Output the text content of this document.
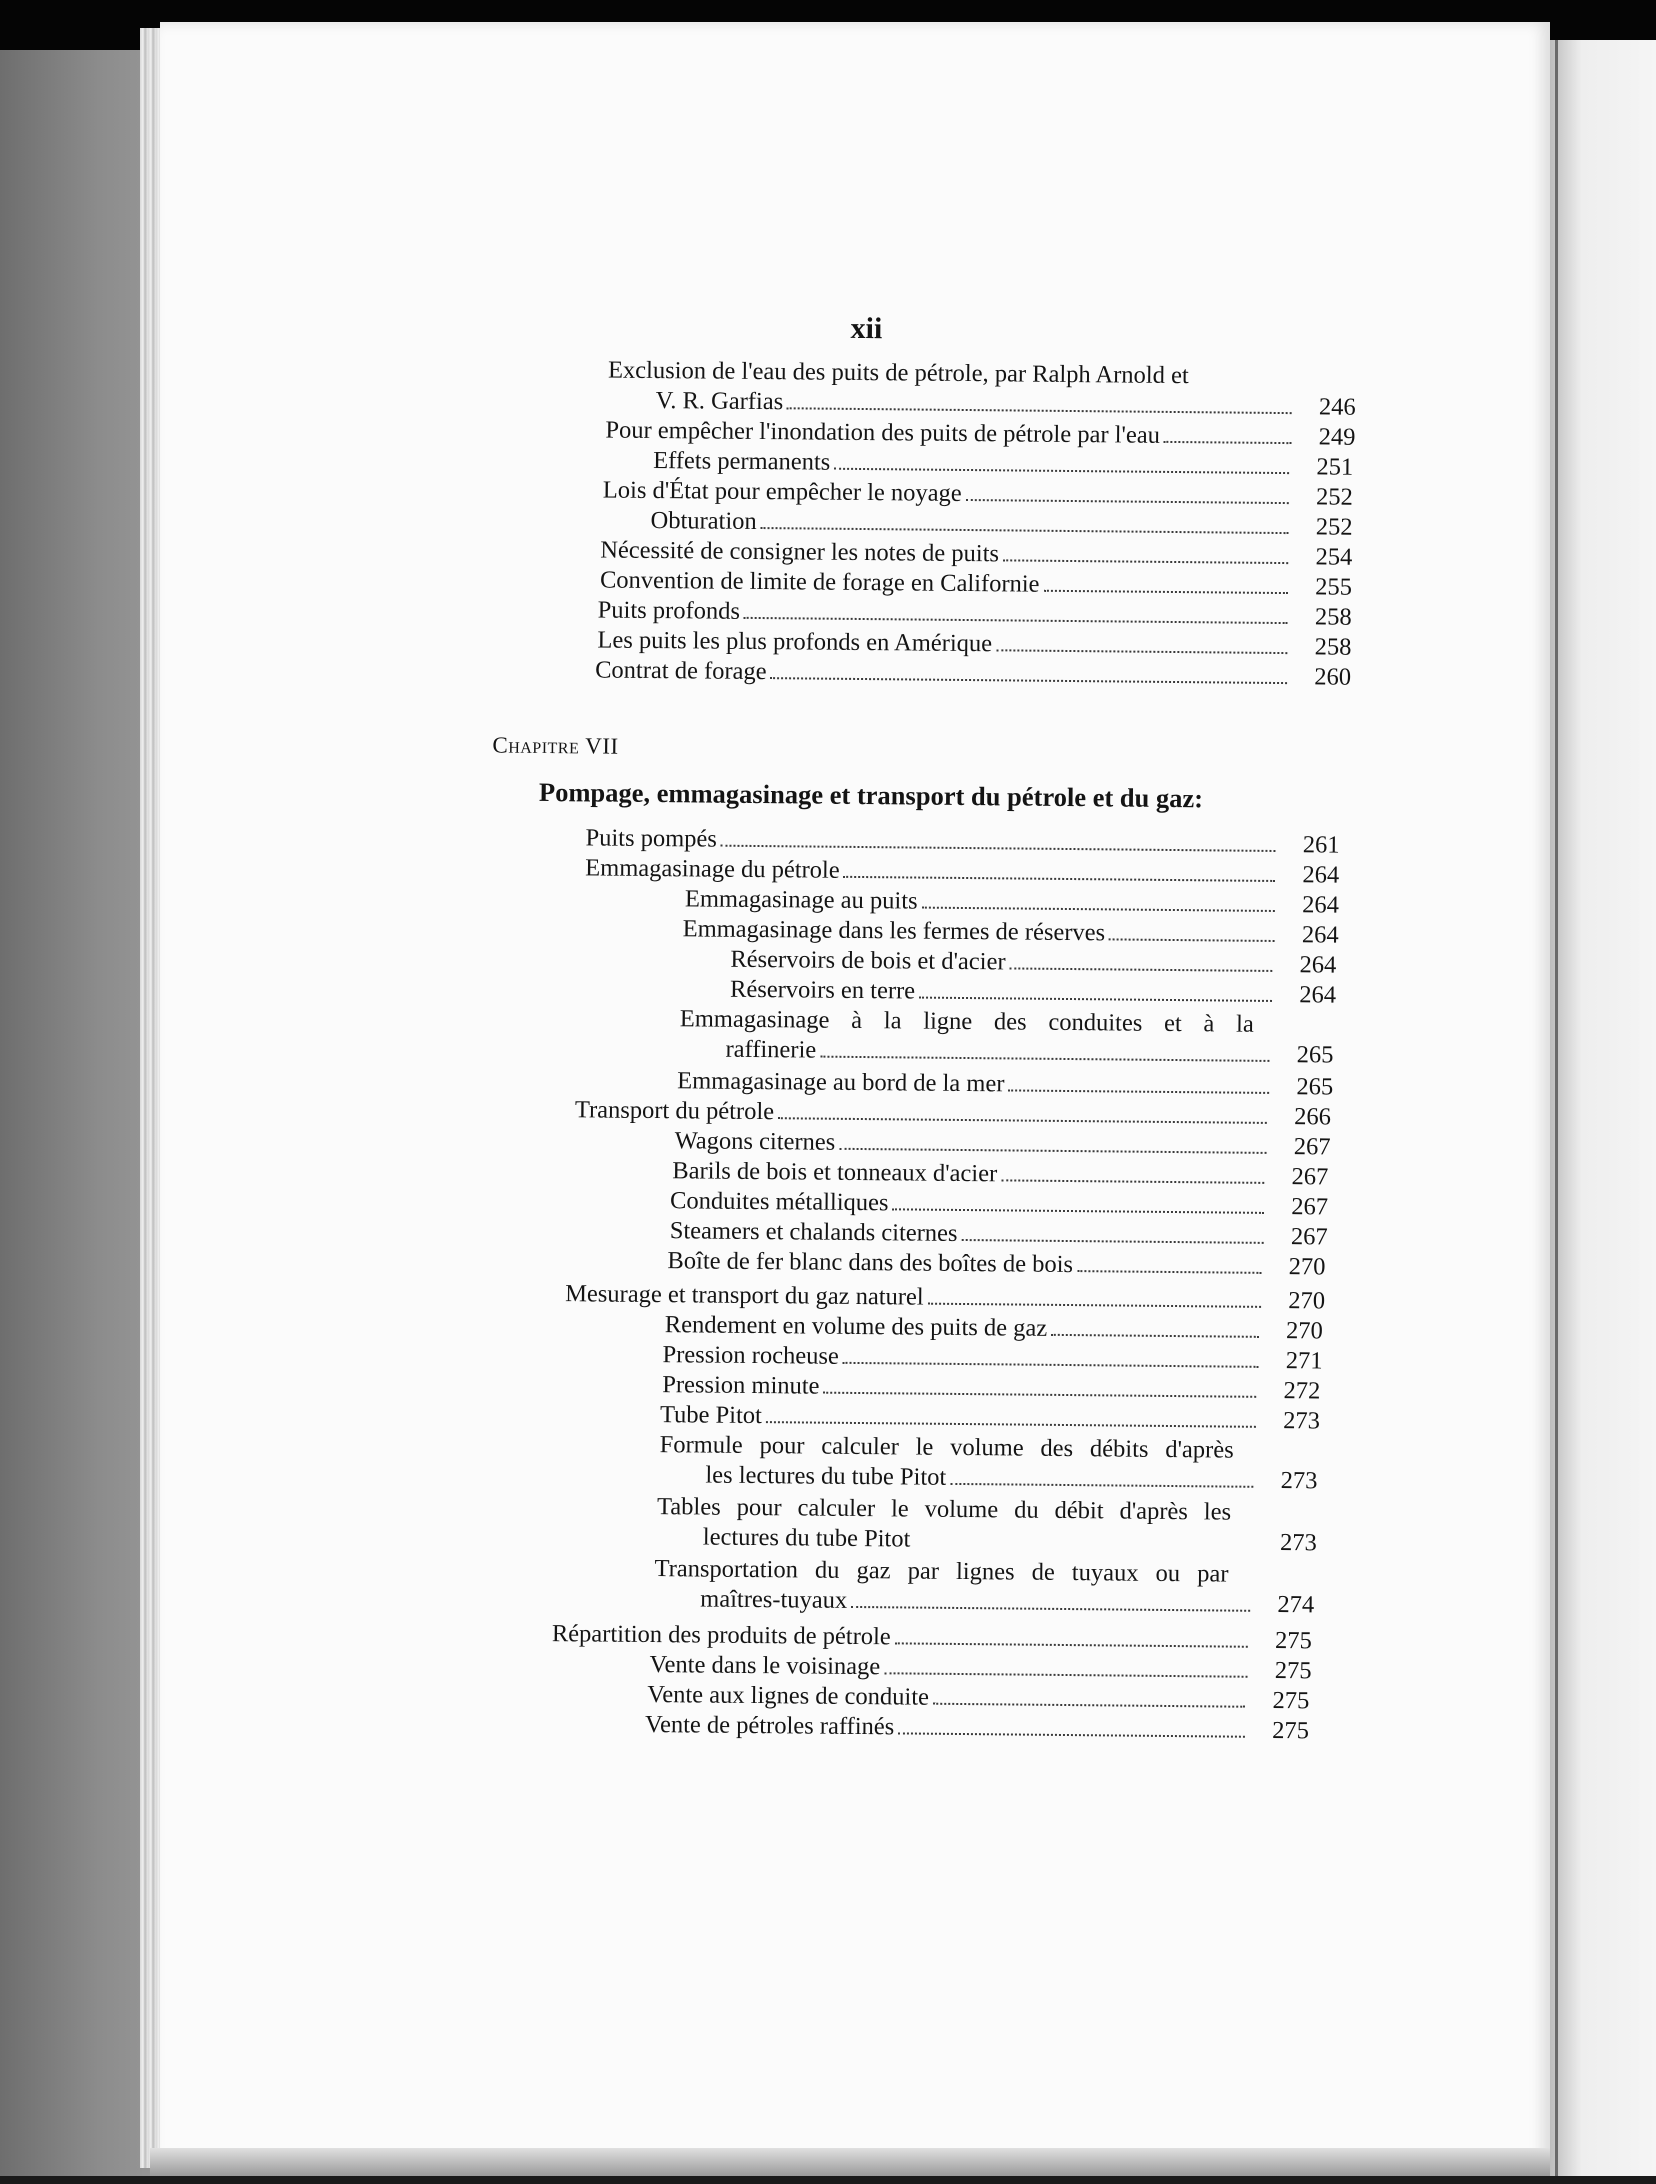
xii
Exclusion de l'eau des puits de pétrole, par Ralph Arnold et
V. R. Garfias	246
Pour empêcher l'inondation des puits de pétrole par l'eau	249
Effets permanents	251
Lois d'État pour empêcher le noyage	252
Obturation	252
Nécessité de consigner les notes de puits	254
Convention de limite de forage en Californie	255
Puits profonds	258
Les puits les plus profonds en Amérique	258
Contrat de forage	260
Chapitre VII
Pompage, emmagasinage et transport du pétrole et du gaz:
Puits pompés	261
Emmagasinage du pétrole	264
Emmagasinage au puits	264
Emmagasinage dans les fermes de réserves	264
Réservoirs de bois et d'acier	264
Réservoirs en terre	264
Emmagasinage à la ligne des conduites et à la
raffinerie	265
Emmagasinage au bord de la mer	265
Transport du pétrole	266
Wagons citernes	267
Barils de bois et tonneaux d'acier	267
Conduites métalliques	267
Steamers et chalands citernes	267
Boîte de fer blanc dans des boîtes de bois	270
Mesurage et transport du gaz naturel	270
Rendement en volume des puits de gaz	270
Pression rocheuse	271
Pression minute	272
Tube Pitot	273
Formule pour calculer le volume des débits d'après
les lectures du tube Pitot	273
Tables pour calculer le volume du débit d'après les
lectures du tube Pitot	273
Transportation du gaz par lignes de tuyaux ou par
maîtres-tuyaux	274
Répartition des produits de pétrole	275
Vente dans le voisinage	275
Vente aux lignes de conduite	275
Vente de pétroles raffinés	275
